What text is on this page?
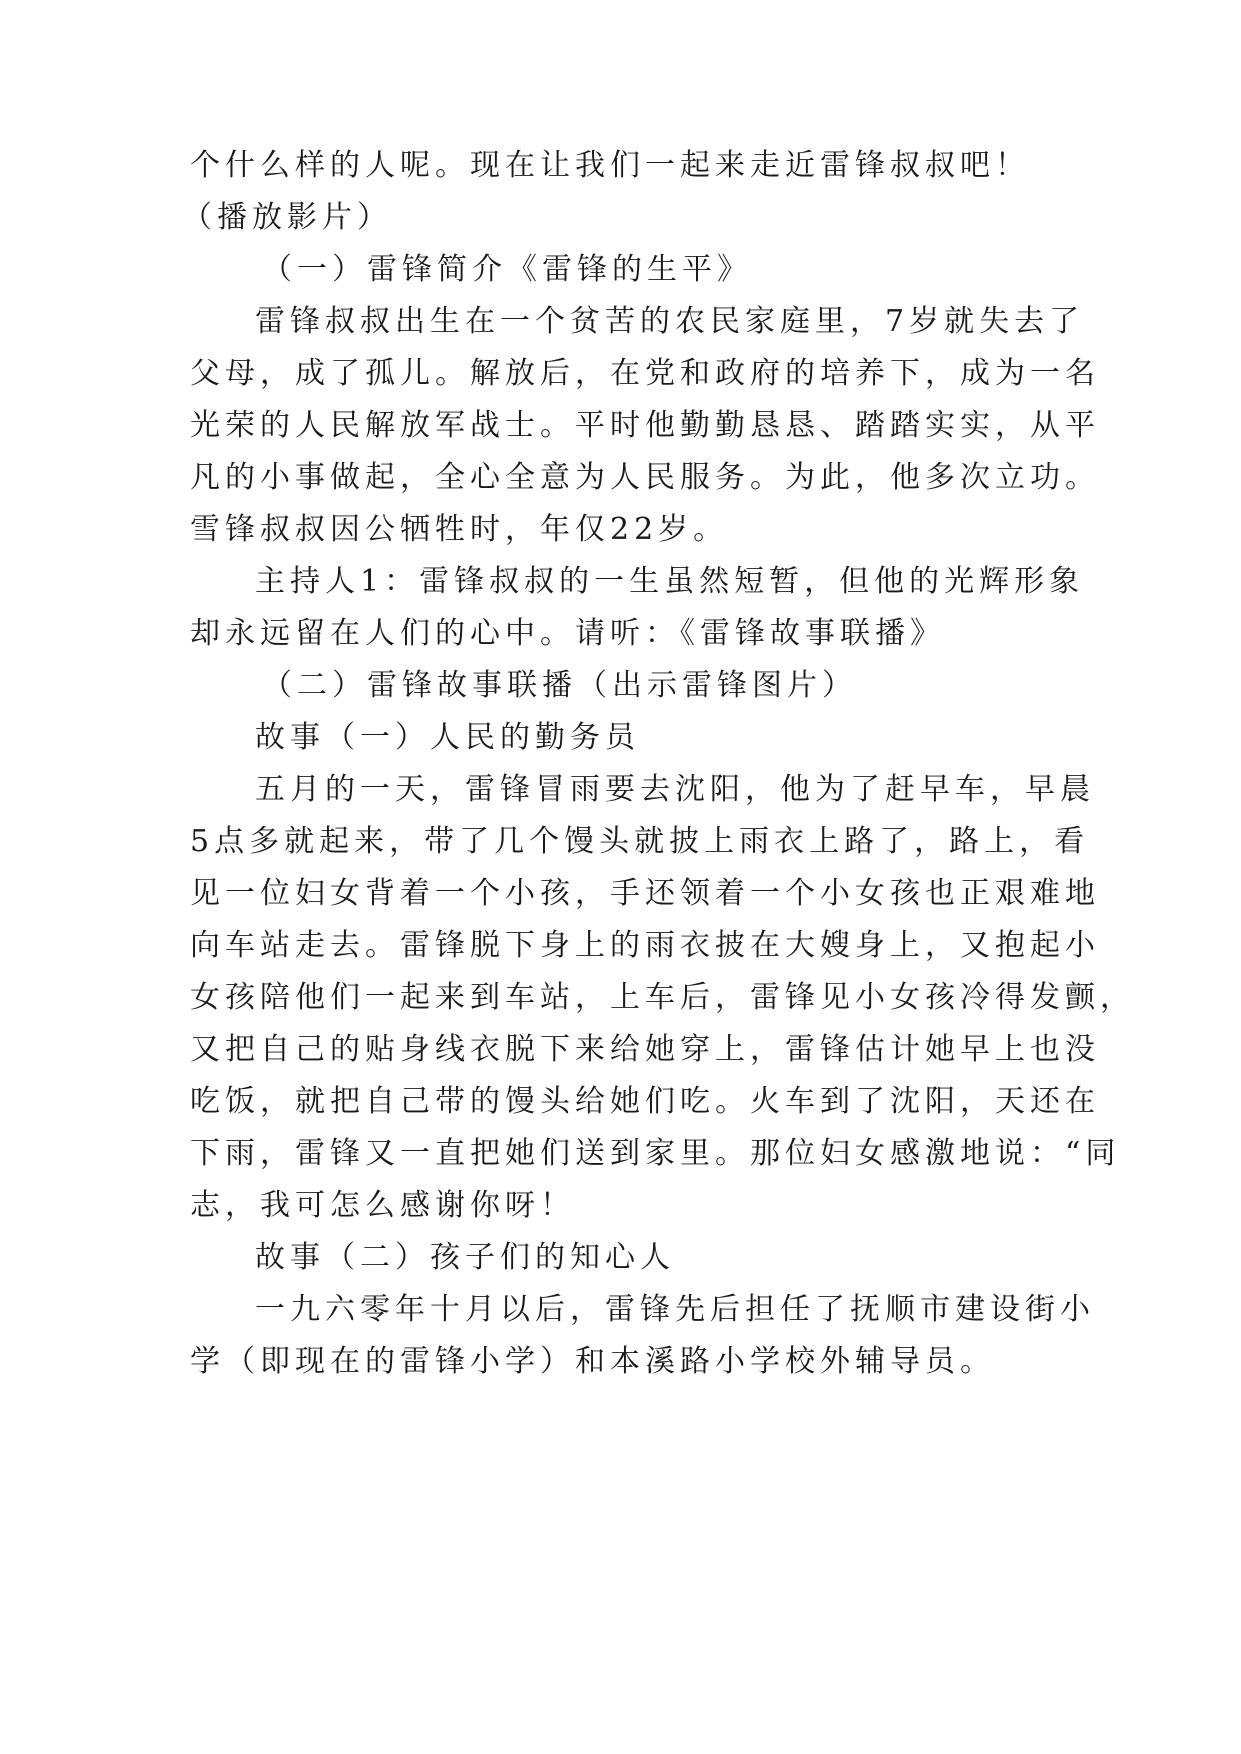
个什么样的人呢。现在让我们一起来走近雷锋叔叔吧！
（播放影片）
（一）雷锋简介《雷锋的生平》
雷锋叔叔出生在一个贫苦的农民家庭里，7岁就失去了
父母，成了孤儿。解放后，在党和政府的培养下，成为一名
光荣的人民解放军战士。平时他勤勤恳恳、踏踏实实，从平
凡的小事做起，全心全意为人民服务。为此，他多次立功。
雪锋叔叔因公牺牲时，年仅22岁。
主持人1：雷锋叔叔的一生虽然短暂，但他的光辉形象
却永远留在人们的心中。请听：《雷锋故事联播》
（二）雷锋故事联播（出示雷锋图片）
故事（一）人民的勤务员
五月的一天，雷锋冒雨要去沈阳，他为了赶早车，早晨
5点多就起来，带了几个馒头就披上雨衣上路了，路上，看
见一位妇女背着一个小孩，手还领着一个小女孩也正艰难地
向车站走去。雷锋脱下身上的雨衣披在大嫂身上，又抱起小
女孩陪他们一起来到车站，上车后，雷锋见小女孩冷得发颤，
又把自己的贴身线衣脱下来给她穿上，雷锋估计她早上也没
吃饭，就把自己带的馒头给她们吃。火车到了沈阳，天还在
下雨，雷锋又一直把她们送到家里。那位妇女感激地说：“同
志，我可怎么感谢你呀！
故事（二）孩子们的知心人
一九六零年十月以后，雷锋先后担任了抚顺市建设街小
学（即现在的雷锋小学）和本溪路小学校外辅导员。
